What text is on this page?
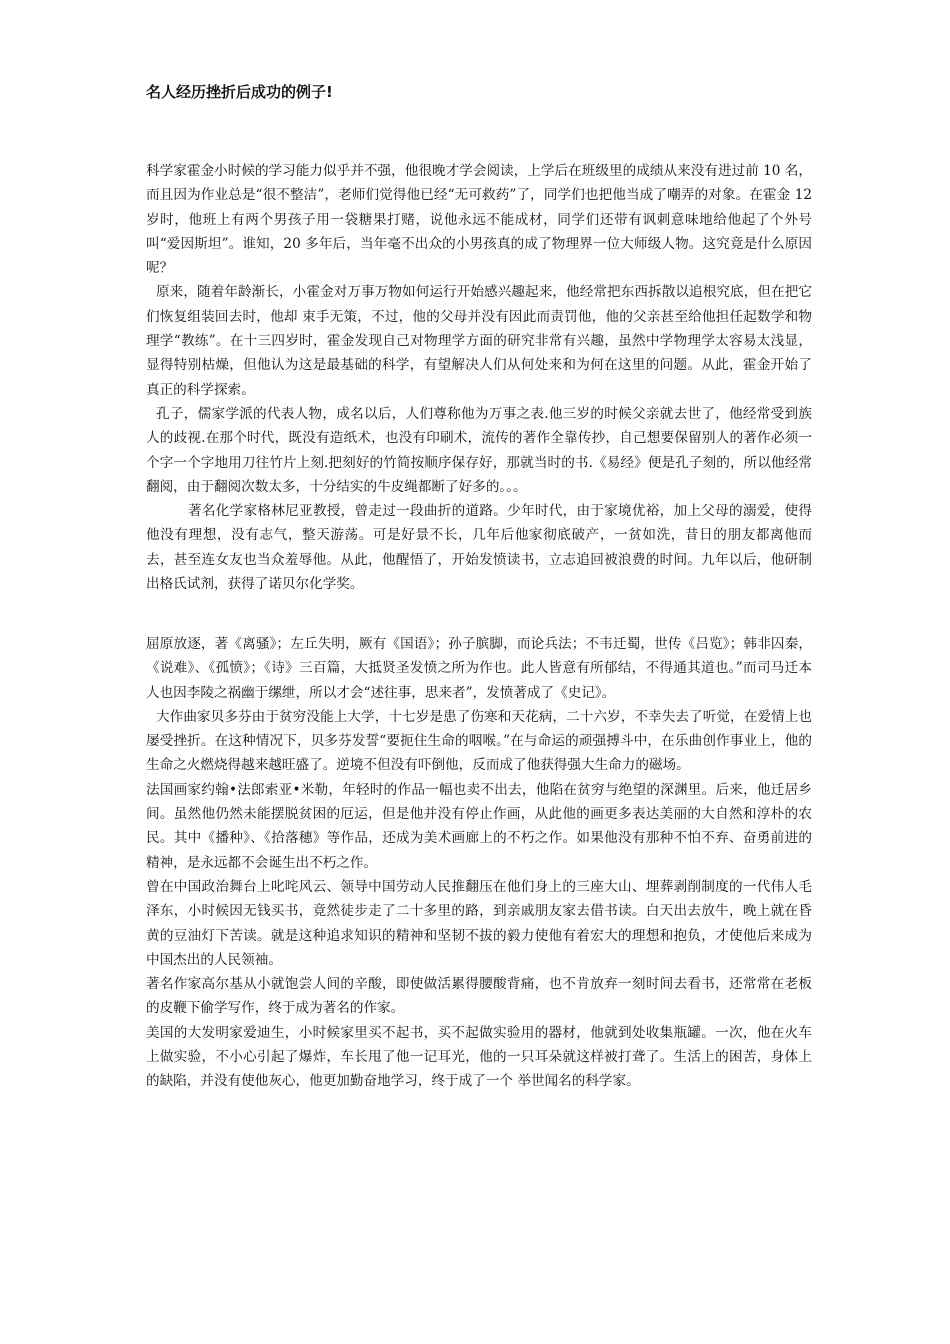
名人经历挫折后成功的例子!

科学家霍金小时候的学习能力似乎并不强，他很晚才学会阅读，上学后在班级里的成绩从来没有进过前 10 名，而且因为作业总是“很不整洁”，老师们觉得他已经“无可救药”了，同学们也把他当成了嘲弄的对象。在霍金 12 岁时，他班上有两个男孩子用一袋糖果打赌，说他永远不能成材，同学们还带有讽刺意味地给他起了个外号叫“爱因斯坦”。谁知，20 多年后，当年毫不出众的小男孩真的成了物理界一位大师级人物。这究竟是什么原因呢？

原来，随着年龄渐长，小霍金对万事万物如何运行开始感兴趣起来，他经常把东西拆散以追根究底，但在把它们恢复组装回去时，他却 束手无策，不过，他的父母并没有因此而责罚他，他的父亲甚至给他担任起数学和物理学“教练”。在十三四岁时，霍金发现自己对物理学方面的研究非常有兴趣，虽然中学物理学太容易太浅显，显得特别枯燥，但他认为这是最基础的科学，有望解决人们从何处来和为何在这里的问题。从此，霍金开始了真正的科学探索。

孔子，儒家学派的代表人物，成名以后，人们尊称他为万事之表.他三岁的时候父亲就去世了，他经常受到族人的歧视.在那个时代，既没有造纸术，也没有印刷术，流传的著作全靠传抄，自己想要保留别人的著作必须一个字一个字地用刀往竹片上刻.把刻好的竹简按顺序保存好，那就当时的书.《易经》便是孔子刻的，所以他经常翻阅，由于翻阅次数太多，十分结实的牛皮绳都断了好多的。。。

著名化学家格林尼亚教授，曾走过一段曲折的道路。少年时代，由于家境优裕，加上父母的溺爱，使得他没有理想，没有志气，整天游荡。可是好景不长，几年后他家彻底破产，一贫如洗，昔日的朋友都离他而去，甚至连女友也当众羞辱他。从此，他醒悟了，开始发愤读书，立志追回被浪费的时间。九年以后，他研制出格氏试剂，获得了诺贝尔化学奖。

屈原放逐，著《离骚》；左丘失明，厥有《国语》；孙子膑脚，而论兵法；不韦迁蜀，世传《吕览》；韩非囚秦，《说难》、《孤愤》；《诗》三百篇，大抵贤圣发愤之所为作也。此人皆意有所郁结，不得通其道也。”而司马迁本人也因李陵之祸幽于缧绁，所以才会“述往事，思来者”，发愤著成了《史记》。

大作曲家贝多芬由于贫穷没能上大学，十七岁是患了伤寒和天花病，二十六岁，不幸失去了听觉，在爱情上也屡受挫折。在这种情况下，贝多芬发誓“要扼住生命的咽喉。”在与命运的顽强搏斗中，在乐曲创作事业上，他的生命之火燃烧得越来越旺盛了。逆境不但没有吓倒他，反而成了他获得强大生命力的磁场。

法国画家约翰•法郎索亚•米勒，年轻时的作品一幅也卖不出去，他陷在贫穷与绝望的深渊里。后来，他迁居乡间。虽然他仍然未能摆脱贫困的厄运，但是他并没有停止作画，从此他的画更多表达美丽的大自然和淳朴的农民。其中《播种》、《拾落穗》等作品，还成为美术画廊上的不朽之作。如果他没有那种不怕不弃、奋勇前进的精神，是永远都不会诞生出不朽之作。

曾在中国政治舞台上叱咤风云、领导中国劳动人民推翻压在他们身上的三座大山、埋葬剥削制度的一代伟人毛泽东，小时候因无钱买书，竟然徒步走了二十多里的路，到亲戚朋友家去借书读。白天出去放牛，晚上就在昏黄的豆油灯下苦读。就是这种追求知识的精神和坚韧不拔的毅力使他有着宏大的理想和抱负，才使他后来成为中国杰出的人民领袖。

著名作家高尔基从小就饱尝人间的辛酸，即使做活累得腰酸背痛，也不肯放弃一刻时间去看书，还常常在老板的皮鞭下偷学写作，终于成为著名的作家。

美国的大发明家爱迪生，小时候家里买不起书，买不起做实验用的器材，他就到处收集瓶罐。一次，他在火车上做实验，不小心引起了爆炸，车长甩了他一记耳光，他的一只耳朵就这样被打聋了。生活上的困苦，身体上的缺陷，并没有使他灰心，他更加勤奋地学习，终于成了一个 举世闻名的科学家。
